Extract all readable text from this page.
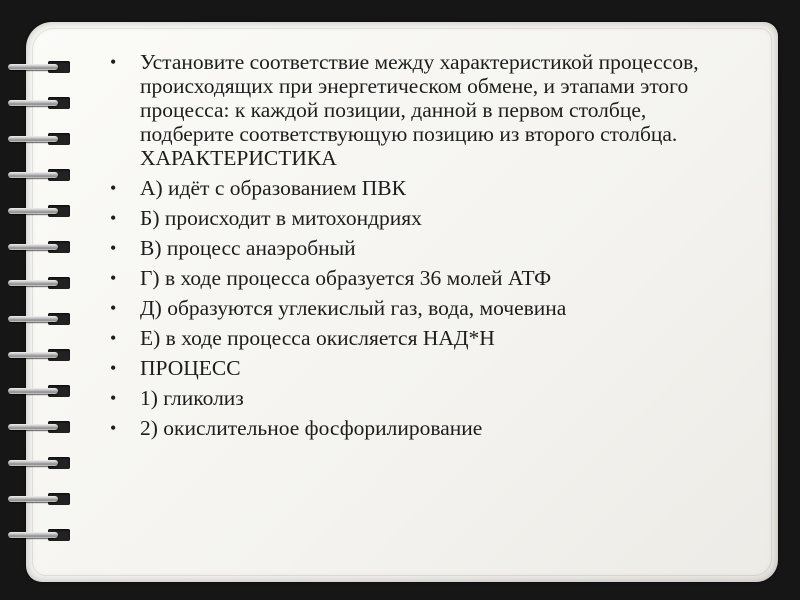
• Установите соответствие между характеристикой процессов, происходящих при энергетическом обмене, и этапами этого процесса: к каждой позиции, данной в первом столбце, подберите соответствующую позицию из второго столбца. ХАРАКТЕРИСТИКА
• А) идёт с образованием ПВК
• Б) происходит в митохондриях
• В) процесс анаэробный
• Г) в ходе процесса образуется 36 молей АТФ
• Д) образуются углекислый газ, вода, мочевина
• Е) в ходе процесса окисляется НАД*Н
• ПРОЦЕСС
• 1) гликолиз
• 2) окислительное фосфорилирование
